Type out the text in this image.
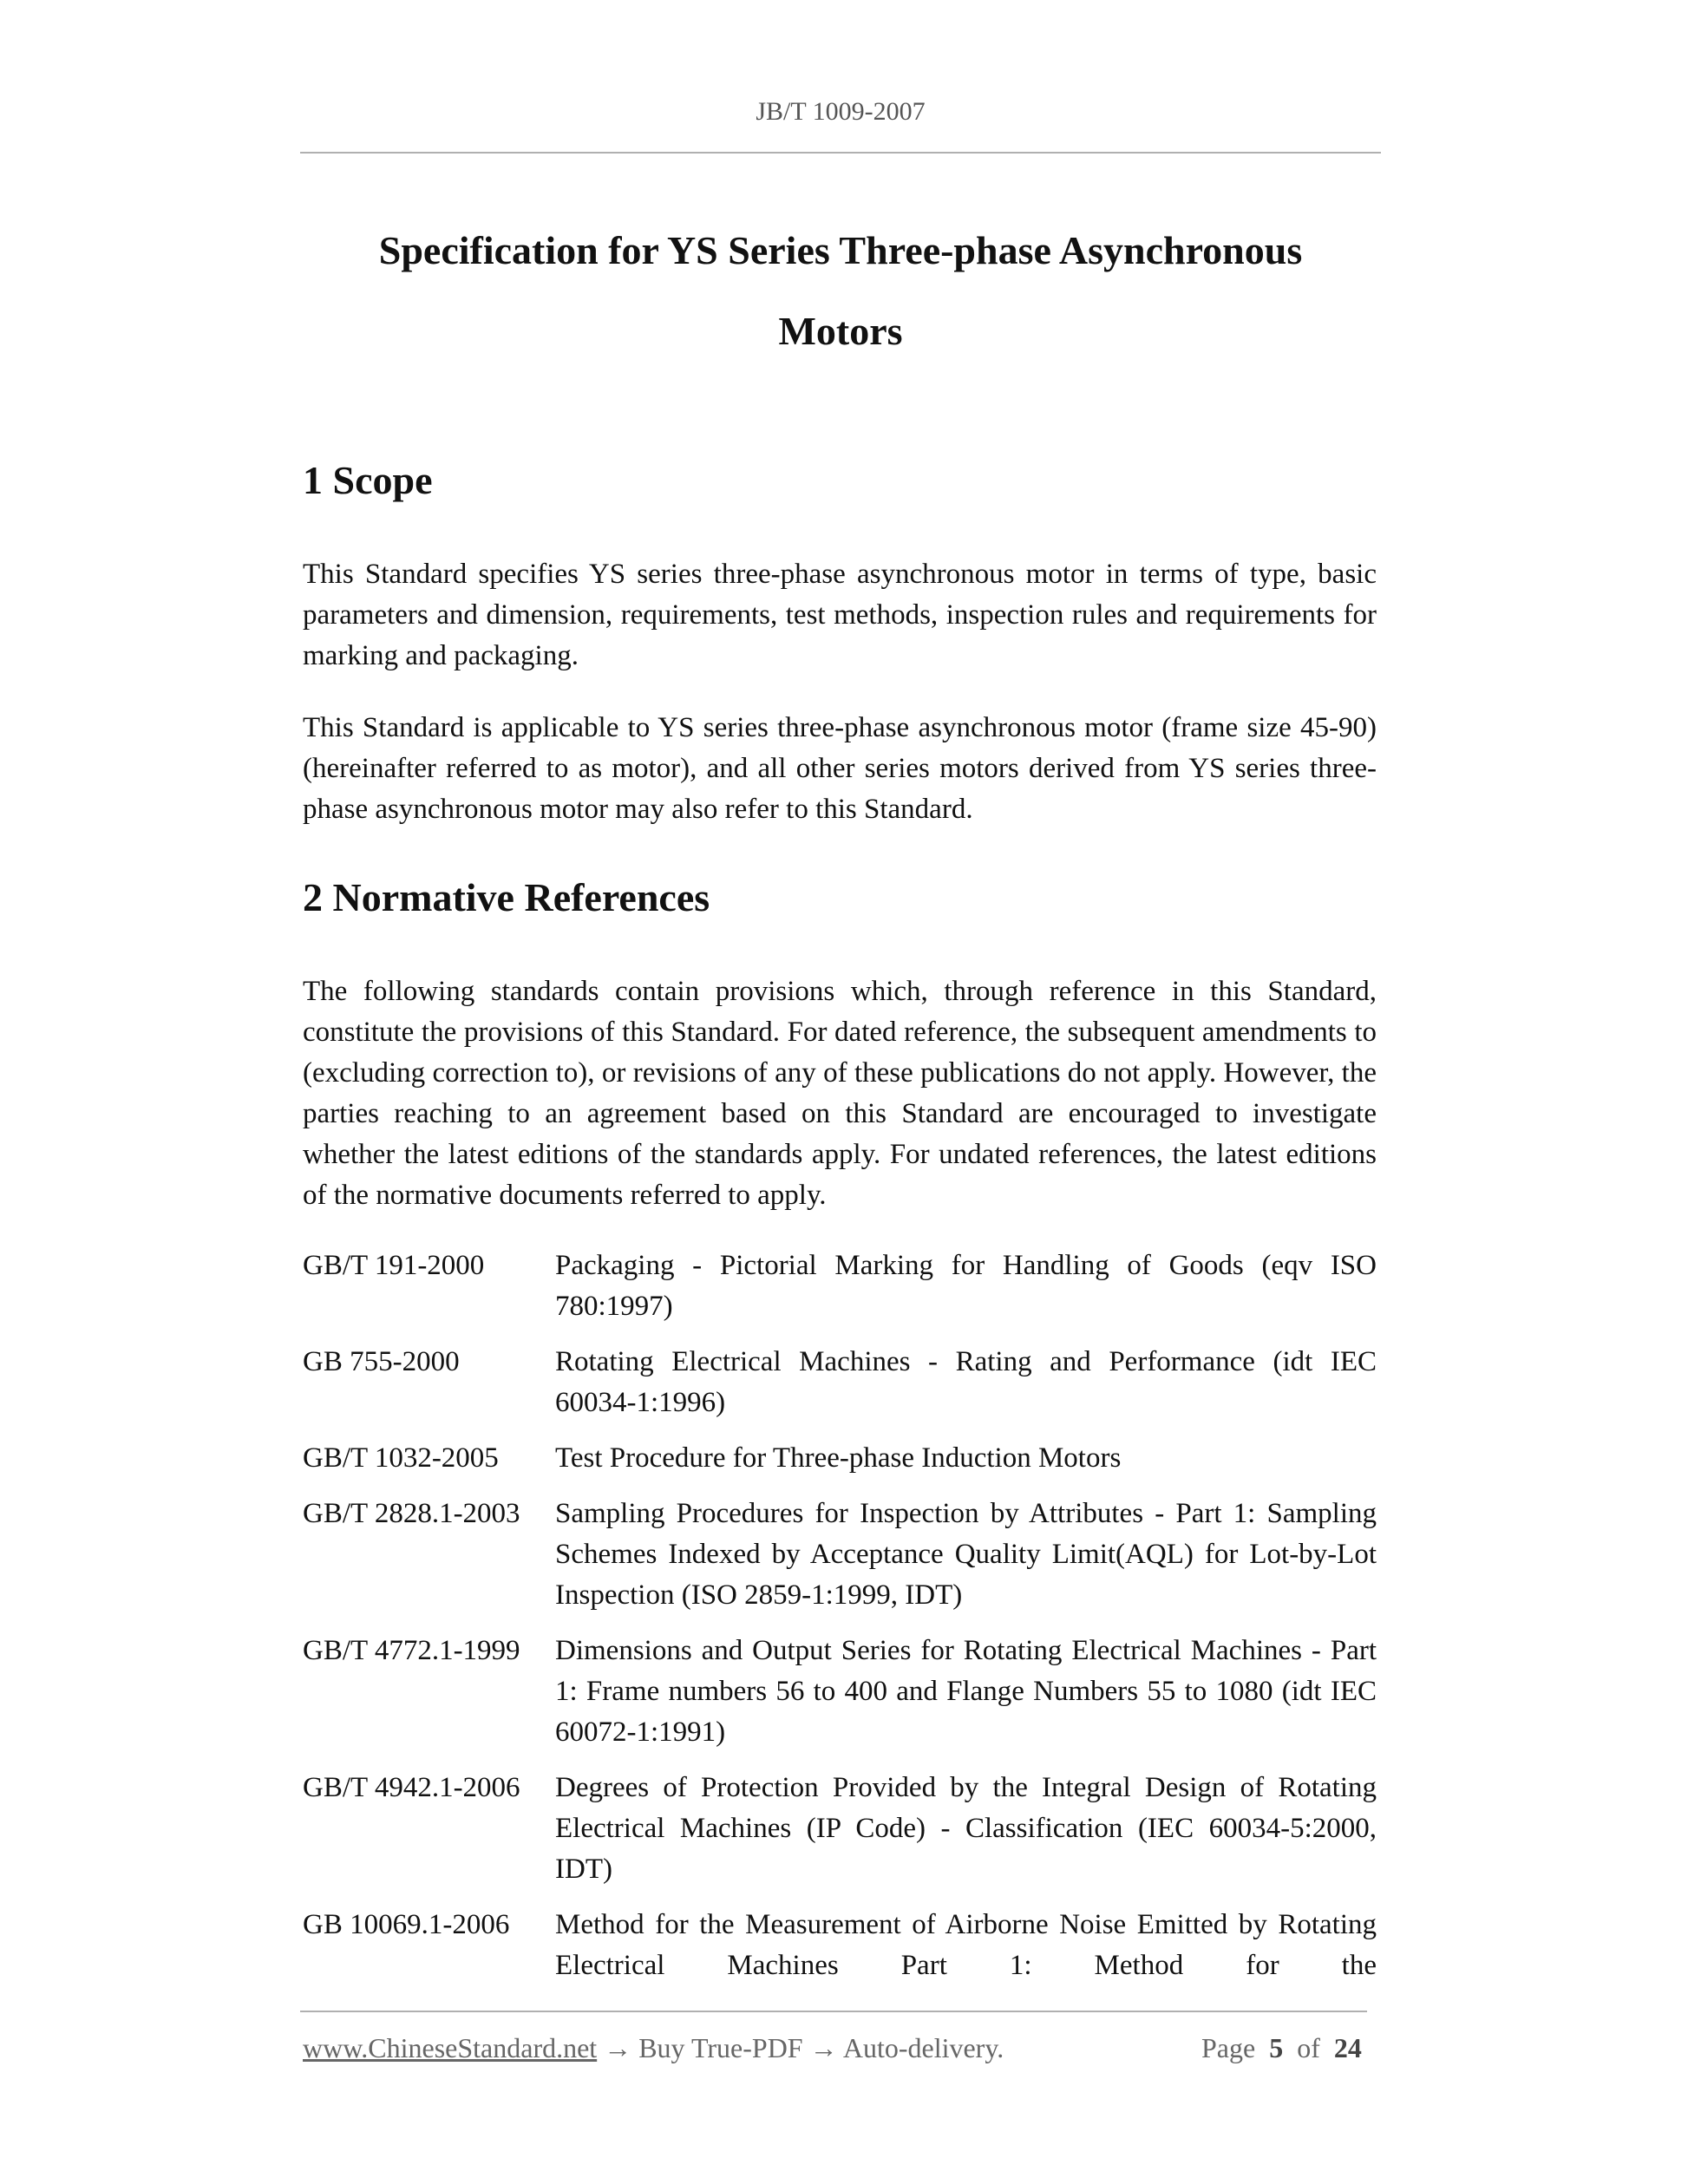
JB/T 1009-2007
Specification for YS Series Three-phase Asynchronous
Motors
1 Scope

This Standard specifies YS series three-phase asynchronous motor in terms of type, basic parameters and dimension, requirements, test methods, inspection rules and requirements for marking and packaging.

This Standard is applicable to YS series three-phase asynchronous motor (frame size 45-90) (hereinafter referred to as motor), and all other series motors derived from YS series three-phase asynchronous motor may also refer to this Standard.

2 Normative References

The following standards contain provisions which, through reference in this Standard, constitute the provisions of this Standard. For dated reference, the subsequent amendments to (excluding correction to), or revisions of any of these publications do not apply. However, the parties reaching to an agreement based on this Standard are encouraged to investigate whether the latest editions of the standards apply. For undated references, the latest editions of the normative documents referred to apply.

GB/T 191-2000	Packaging - Pictorial Marking for Handling of Goods (eqv ISO 780:1997)
GB 755-2000	Rotating Electrical Machines - Rating and Performance (idt IEC 60034-1:1996)
GB/T 1032-2005	Test Procedure for Three-phase Induction Motors
GB/T 2828.1-2003	Sampling Procedures for Inspection by Attributes - Part 1: Sampling Schemes Indexed by Acceptance Quality Limit(AQL) for Lot-by-Lot Inspection (ISO 2859-1:1999, IDT)
GB/T 4772.1-1999	Dimensions and Output Series for Rotating Electrical Machines - Part 1: Frame numbers 56 to 400 and Flange Numbers 55 to 1080 (idt IEC 60072-1:1991)
GB/T 4942.1-2006	Degrees of Protection Provided by the Integral Design of Rotating Electrical Machines (IP Code) - Classification (IEC 60034-5:2000, IDT)
GB 10069.1-2006	Method for the Measurement of Airborne Noise Emitted by Rotating Electrical Machines Part 1: Method for the
www.ChineseStandard.net → Buy True-PDF → Auto-delivery.	Page 5 of 24
